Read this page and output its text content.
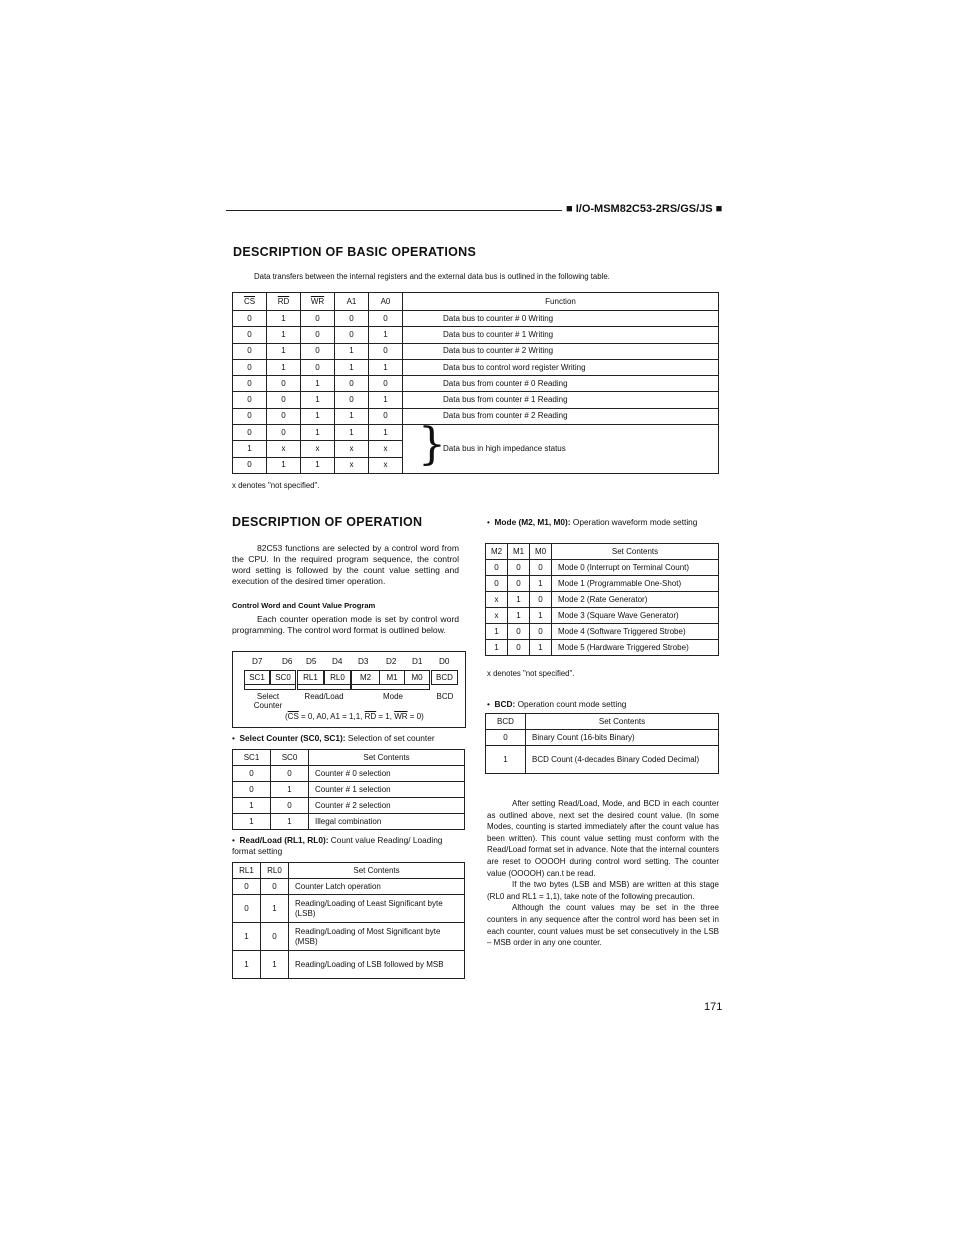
■ I/O-MSM82C53-2RS/GS/JS ■
DESCRIPTION OF BASIC OPERATIONS
Data transfers between the internal registers and the external data bus is outlined in the following table.
$\overline{CS}$	$\overline{RD}$	$\overline{WR}$	A1	A0	Function
0	1	0	0	0	Data bus to counter # 0 Writing
0	1	0	0	1	Data bus to counter # 1 Writing
0	1	0	1	0	Data bus to counter # 2 Writing
0	1	0	1	1	Data bus to control word register Writing
0	0	1	0	0	Data bus from counter # 0 Reading
0	0	1	0	1	Data bus from counter # 1 Reading
0	0	1	1	0	Data bus from counter # 2 Reading
0	0	1	1	1	Data bus in high impedance status
1	x	x	x	x	
0	1	1	x	x	}
x denotes "not specified".
DESCRIPTION OF OPERATION

82C53 functions are selected by a control word from the CPU. In the required program sequence, the control word setting is followed by the count value setting and execution of the desired timer operation.

Control Word and Count Value Program

Each counter operation mode is set by control word programming. The control word format is outlined below.

D7 D6 D5 D4 D3 D2 D1 D0
SC1	SC0	RL1	RL0	M2	M1	M0	BCD
Select Counter
Read/Load	Mode	BCD
($\overline{CS} = 0$, A0, A1 = 1,1, $\overline{RD} = 1$, $\overline{WR} = 0$)
•  Select Counter (SC0, SC1): Selection of set counter
SC1	SC0	Set Contents
0	0	Counter # 0 selection
0	1	Counter # 1 selection
1	0	Counter # 2 selection
1	1	Illegal combination
•  Read/Load (RL1, RL0): Count value Reading/ Loading format setting
RL1	RL0	Set Contents
0	0	Counter Latch operation
0	1	Reading/Loading of Least Significant byte (LSB)
1	0	Reading/Loading of Most Significant byte (MSB)
1	1	Reading/Loading of LSB followed by MSB
•  Mode (M2, M1, M0): Operation waveform mode setting
M2	M1	M0	Set Contents
0	0	0	Mode 0 (Interrupt on Terminal Count)
0	0	1	Mode 1 (Programmable One-Shot)
x	1	0	Mode 2 (Rate Generator)
x	1	1	Mode 3 (Square Wave Generator)
1	0	0	Mode 4 (Software Triggered Strobe)
1	0	1	Mode 5 (Hardware Triggered Strobe)
x denotes "not specified".
•  BCD: Operation count mode setting
BCD	Set Contents
0	Binary Count (16-bits Binary)
1	BCD Count (4-decades Binary Coded Decimal)

After setting Read/Load, Mode, and BCD in each counter as outlined above, next set the desired count value. (In some Modes, counting is started immediately after the count value has been written). This count value setting must conform with the Read/Load format set in advance. Note that the internal counters are reset to OOOOH during control word setting. The counter value (OOOOH) can.t be read.

If the two bytes (LSB and MSB) are written at this stage (RL0 and RL1 = 1,1), take note of the following precaution.

Although the count values may be set in the three counters in any sequence after the control word has been set in each counter, count values must be set consecutively in the LSB – MSB order in any one counter.

171
